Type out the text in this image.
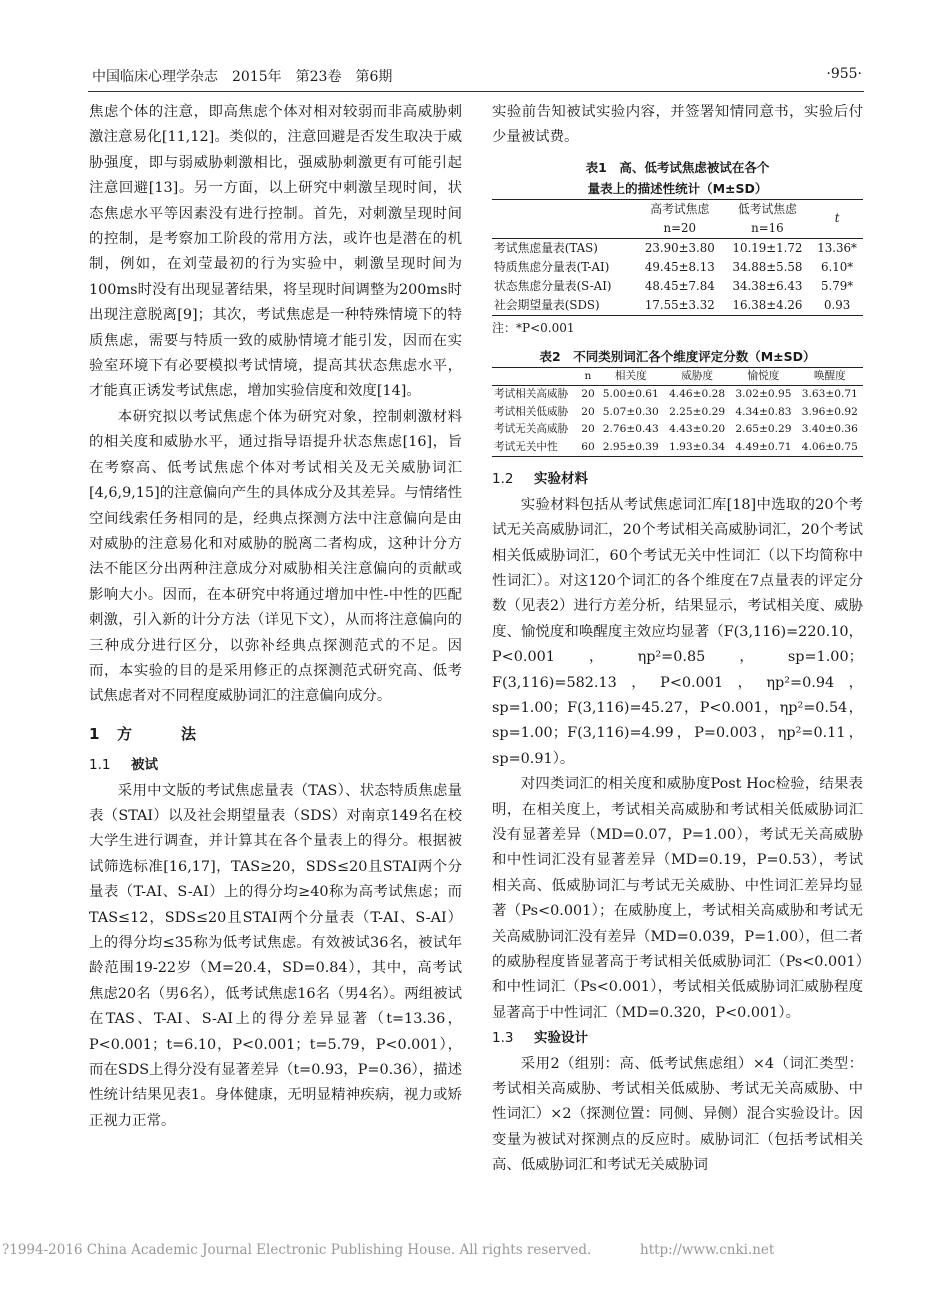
中国临床心理学杂志　2015年　第23卷　第6期	·955·

焦虑个体的注意，即高焦虑个体对相对较弱而非高威胁刺激注意易化[11,12]。类似的，注意回避是否发生取决于威胁强度，即与弱威胁刺激相比，强威胁刺激更有可能引起注意回避[13]。另一方面，以上研究中刺激呈现时间，状态焦虑水平等因素没有进行控制。首先，对刺激呈现时间的控制，是考察加工阶段的常用方法，或许也是潜在的机制，例如，在刘莹最初的行为实验中，刺激呈现时间为100ms时没有出现显著结果，将呈现时间调整为200ms时出现注意脱离[9]；其次，考试焦虑是一种特殊情境下的特质焦虑，需要与特质一致的威胁情境才能引发，因而在实验室环境下有必要模拟考试情境，提高其状态焦虑水平，才能真正诱发考试焦虑，增加实验信度和效度[14]。

本研究拟以考试焦虑个体为研究对象，控制刺激材料的相关度和威胁水平，通过指导语提升状态焦虑[16]，旨在考察高、低考试焦虑个体对考试相关及无关威胁词汇[4,6,9,15]的注意偏向产生的具体成分及其差异。与情绪性空间线索任务相同的是，经典点探测方法中注意偏向是由对威胁的注意易化和对威胁的脱离二者构成，这种计分方法不能区分出两种注意成分对威胁相关注意偏向的贡献或影响大小。因而，在本研究中将通过增加中性-中性的匹配刺激，引入新的计分方法（详见下文），从而将注意偏向的三种成分进行区分，以弥补经典点探测范式的不足。因而，本实验的目的是采用修正的点探测范式研究高、低考试焦虑者对不同程度威胁词汇的注意偏向成分。

1 方	法
1.1 被试

采用中文版的考试焦虑量表（TAS）、状态特质焦虑量表（STAI）以及社会期望量表（SDS）对南京149名在校大学生进行调查，并计算其在各个量表上的得分。根据被试筛选标准[16,17]，TAS≥20，SDS≤20且STAI两个分量表（T-AI、S-AI）上的得分均≥40称为高考试焦虑；而TAS≤12，SDS≤20且STAI两个分量表（T-AI、S-AI）上的得分均≤35称为低考试焦虑。有效被试36名，被试年龄范围19-22岁（M=20.4，SD=0.84），其中，高考试焦虑20名（男6名），低考试焦虑16名（男4名）。两组被试在TAS、T-AI、S-AI上的得分差异显著（t=13.36，P<0.001；t=6.10，P<0.001；t=5.79，P<0.001），而在SDS上得分没有显著差异（t=0.93，P=0.36），描述性统计结果见表1。身体健康，无明显精神疾病，视力或矫正视力正常。

实验前告知被试实验内容，并签署知情同意书，实验后付少量被试费。

表1　高、低考试焦虑被试在各个
量表上的描述性统计（M±SD）
	高考试焦虑	低考试焦虑	t
	n=20	n=16	
考试焦虑量表(TAS)	23.90±3.80	10.19±1.72	13.36*
特质焦虑分量表(T-AI)	49.45±8.13	34.88±5.58	6.10*
状态焦虑分量表(S-AI)	48.45±7.84	34.38±6.43	5.79*
社会期望量表(SDS)	17.55±3.32	16.38±4.26	0.93
注：*P<0.001
表2　不同类别词汇各个维度评定分数（M±SD）
	n	相关度	威胁度	愉悦度	唤醒度
考试相关高威胁	20	5.00±0.61	4.46±0.28	3.02±0.95	3.63±0.71
考试相关低威胁	20	5.07±0.30	2.25±0.29	4.34±0.83	3.96±0.92
考试无关高威胁	20	2.76±0.43	4.43±0.20	2.65±0.29	3.40±0.36
考试无关中性	60	2.95±0.39	1.93±0.34	4.49±0.71	4.06±0.75
1.2 实验材料

实验材料包括从考试焦虑词汇库[18]中选取的20个考试无关高威胁词汇，20个考试相关高威胁词汇，20个考试相关低威胁词汇，60个考试无关中性词汇（以下均简称中性词汇）。对这120个词汇的各个维度在7点量表的评定分数（见表2）进行方差分析，结果显示，考试相关度、威胁度、愉悦度和唤醒度主效应均显著（F(3,116)=220.10，P<0.001，ηp²=0.85，sp=1.00；F(3,116)=582.13，P<0.001，ηp²=0.94，sp=1.00；F(3,116)=45.27，P<0.001，ηp²=0.54，sp=1.00；F(3,116)=4.99，P=0.003，ηp²=0.11，sp=0.91）。

对四类词汇的相关度和威胁度Post Hoc检验，结果表明，在相关度上，考试相关高威胁和考试相关低威胁词汇没有显著差异（MD=0.07，P=1.00），考试无关高威胁和中性词汇没有显著差异（MD=0.19，P=0.53），考试相关高、低威胁词汇与考试无关威胁、中性词汇差异均显著（Ps<0.001）；在威胁度上，考试相关高威胁和考试无关高威胁词汇没有差异（MD=0.039，P=1.00），但二者的威胁程度皆显著高于考试相关低威胁词汇（Ps<0.001）和中性词汇（Ps<0.001），考试相关低威胁词汇威胁程度显著高于中性词汇（MD=0.320，P<0.001）。

1.3 实验设计

采用2（组别：高、低考试焦虑组）×4（词汇类型：考试相关高威胁、考试相关低威胁、考试无关高威胁、中性词汇）×2（探测位置：同侧、异侧）混合实验设计。因变量为被试对探测点的反应时。威胁词汇（包括考试相关高、低威胁词汇和考试无关威胁词

?1994-2016 China Academic Journal Electronic Publishing House. All rights reserved.	http://www.cnki.net
